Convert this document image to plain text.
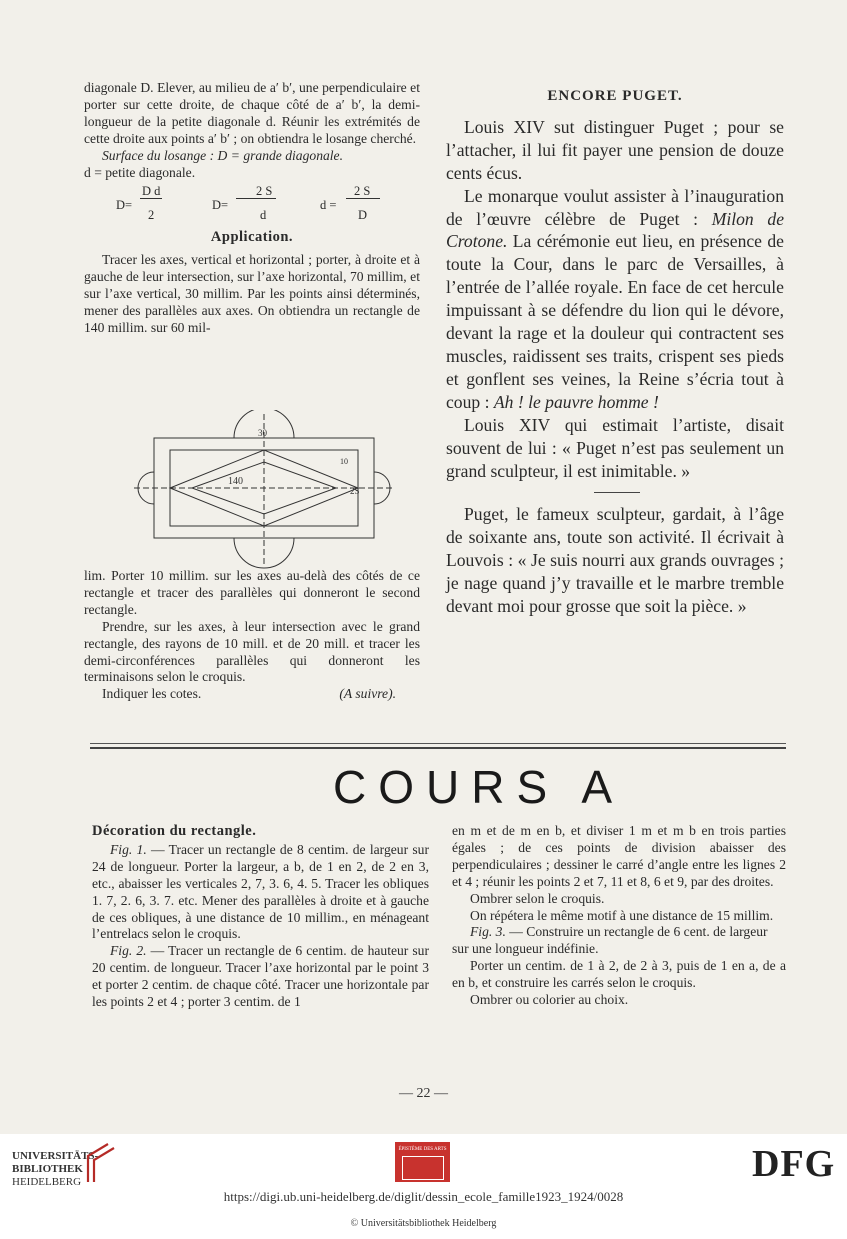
diagonale D. Elever, au milieu de a′ b′, une perpendiculaire et porter sur cette droite, de chaque côté de a′ b′, la demi-longueur de la petite diagonale d. Réunir les extrémités de cette droite aux points a′ b′ ; on obtiendra le losange cherché.

Surface du losange : D = grande diagonale.

d = petite diagonale.

D=
D d
2
D=
2 S
d
d =
2 S
D
Application.

Tracer les axes, vertical et horizontal ; porter, à droite et à gauche de leur intersection, sur l’axe horizontal, 70 millim, et sur l’axe vertical, 30 millim. Par les points ainsi déterminés, mener des parallèles aux axes. On obtiendra un rectangle de 140 millim. sur 60 mil-

30
140
10
2S

lim. Porter 10 millim. sur les axes au-delà des côtés de ce rectangle et tracer des parallèles qui donneront le second rectangle.

Prendre, sur les axes, à leur intersection avec le grand rectangle, des rayons de 10 mill. et de 20 mill. et tracer les demi-circonférences parallèles qui donneront les terminaisons selon le croquis.

Indiquer les cotes.	(A suivre).

ENCORE PUGET.

Louis XIV sut distinguer Puget ; pour se l’attacher, il lui fit payer une pension de douze cents écus.

Le monarque voulut assister à l’inauguration de l’œuvre célèbre de Puget : Milon de Crotone. La cérémonie eut lieu, en présence de toute la Cour, dans le parc de Versailles, à l’entrée de l’allée royale. En face de cet hercule impuissant à se défendre du lion qui le dévore, devant la rage et la douleur qui contractent ses muscles, raidissent ses traits, crispent ses pieds et gonflent ses veines, la Reine s’écria tout à coup : Ah ! le pauvre homme !

Louis XIV qui estimait l’artiste, disait souvent de lui : « Puget n’est pas seulement un grand sculpteur, il est inimitable. »

Puget, le fameux sculpteur, gardait, à l’âge de soixante ans, toute son activité. Il écrivait à Louvois : « Je suis nourri aux grands ouvrages ; je nage quand j’y travaille et le marbre tremble devant moi pour grosse que soit la pièce. »

COURS A
Décoration du rectangle.

Fig. 1. — Tracer un rectangle de 8 centim. de largeur sur 24 de longueur. Porter la largeur, a b, de 1 en 2, de 2 en 3, etc., abaisser les verticales 2, 7, 3. 6, 4. 5. Tracer les obliques 1. 7, 2. 6, 3. 7. etc. Mener des parallèles à droite et à gauche de ces obliques, à une distance de 10 millim., en ménageant l’entrelacs selon le croquis.

Fig. 2. — Tracer un rectangle de 6 centim. de hauteur sur 20 centim. de longueur. Tracer l’axe horizontal par le point 3 et porter 2 centim. de chaque côté. Tracer une horizontale par les points 2 et 4 ; porter 3 centim. de 1

en m et de m en b, et diviser 1 m et m b en trois parties égales ; de ces points de division abaisser des perpendiculaires ; dessiner le carré d’angle entre les lignes 2 et 4 ; réunir les points 2 et 7, 11 et 8, 6 et 9, par des droites.

Ombrer selon le croquis.

On répétera le même motif à une distance de 15 millim.

Fig. 3. — Construire un rectangle de 6 cent. de largeur sur une longueur indéfinie.

Porter un centim. de 1 à 2, de 2 à 3, puis de 1 en a, de a en b, et construire les carrés selon le croquis.

Ombrer ou colorier au choix.

— 22 —
UNIVERSITÄTS-
BIBLIOTHEK
HEIDELBERG
ÉPISTÈME DES ARTS	DFG
https://digi.ub.uni-heidelberg.de/diglit/dessin_ecole_famille1923_1924/0028
© Universitätsbibliothek Heidelberg
